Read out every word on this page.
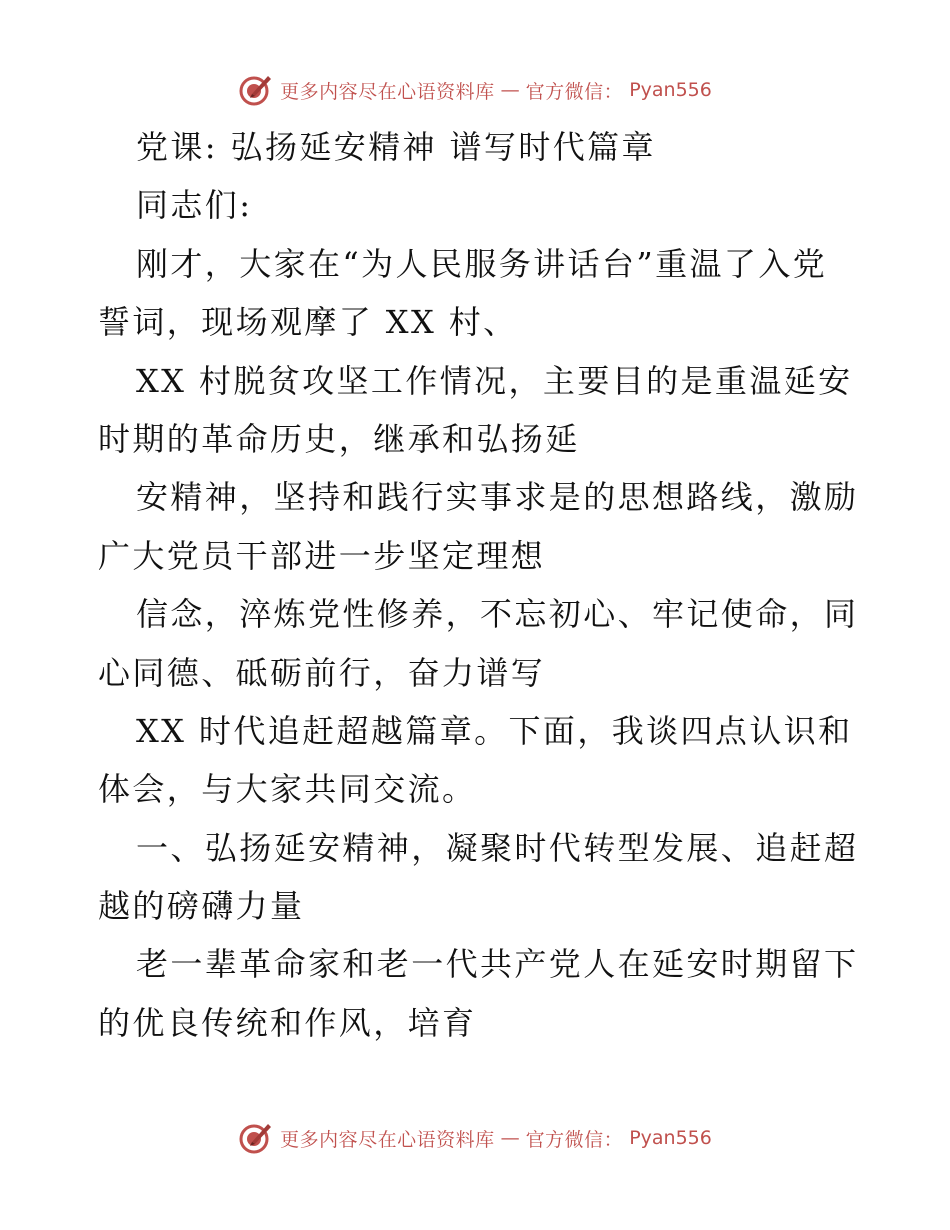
更多内容尽在心语资料库 — 官方微信： Pyan556
党课: 弘扬延安精神 谱写时代篇章
同志们:
刚才，大家在“为人民服务讲话台”重温了入党
誓词，现场观摩了 XX 村、
XX 村脱贫攻坚工作情况，主要目的是重温延安
时期的革命历史，继承和弘扬延
安精神，坚持和践行实事求是的思想路线，激励
广大党员干部进一步坚定理想
信念，淬炼党性修养，不忘初心、牢记使命，同
心同德、砥砺前行，奋力谱写
XX 时代追赶超越篇章。下面，我谈四点认识和
体会，与大家共同交流。
一、弘扬延安精神，凝聚时代转型发展、追赶超
越的磅礴力量
老一辈革命家和老一代共产党人在延安时期留下
的优良传统和作风，培育
更多内容尽在心语资料库 — 官方微信： Pyan556
